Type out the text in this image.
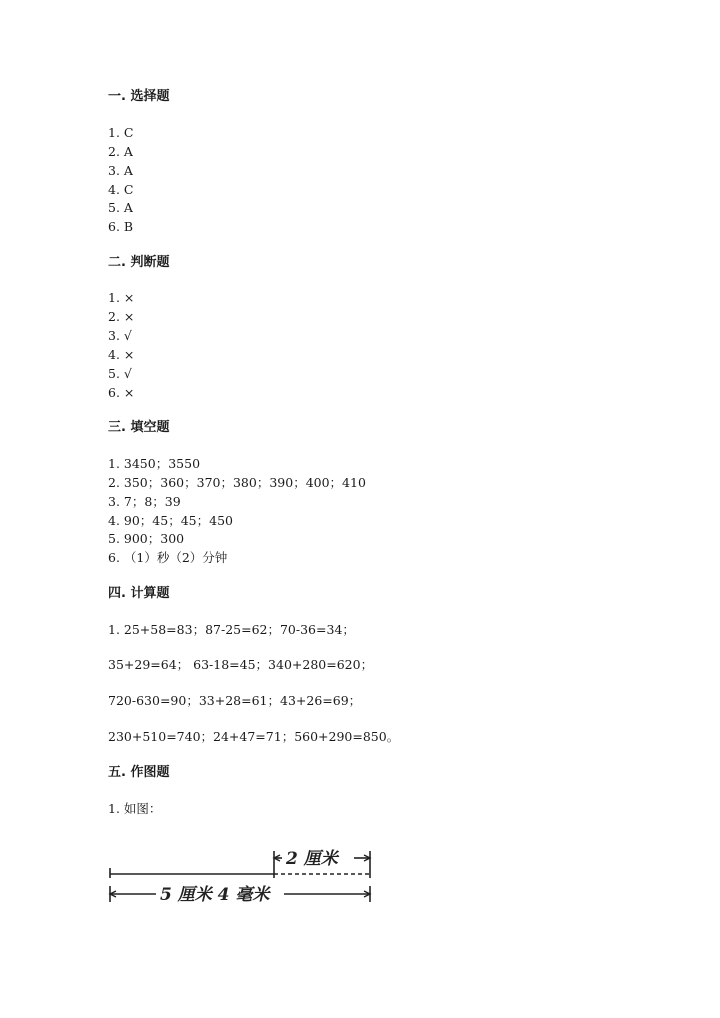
一. 选择题
1. C
2. A
3. A
4. C
5. A
6. B
二. 判断题
1. ×
2. ×
3. √
4. ×
5. √
6. ×
三. 填空题
1. 3450；3550
2. 350；360；370；380；390；400；410
3. 7；8；39
4. 90；45；45；450
5. 900；300
6. （1）秒（2）分钟
四. 计算题
1. 25+58=83；87-25=62；70-36=34；
35+29=64； 63-18=45；340+280=620；
720-630=90；33+28=61；43+26=69；
230+510=740；24+47=71；560+290=850。
五. 作图题
1. 如图：
2 厘米
5 厘米 4 毫米
